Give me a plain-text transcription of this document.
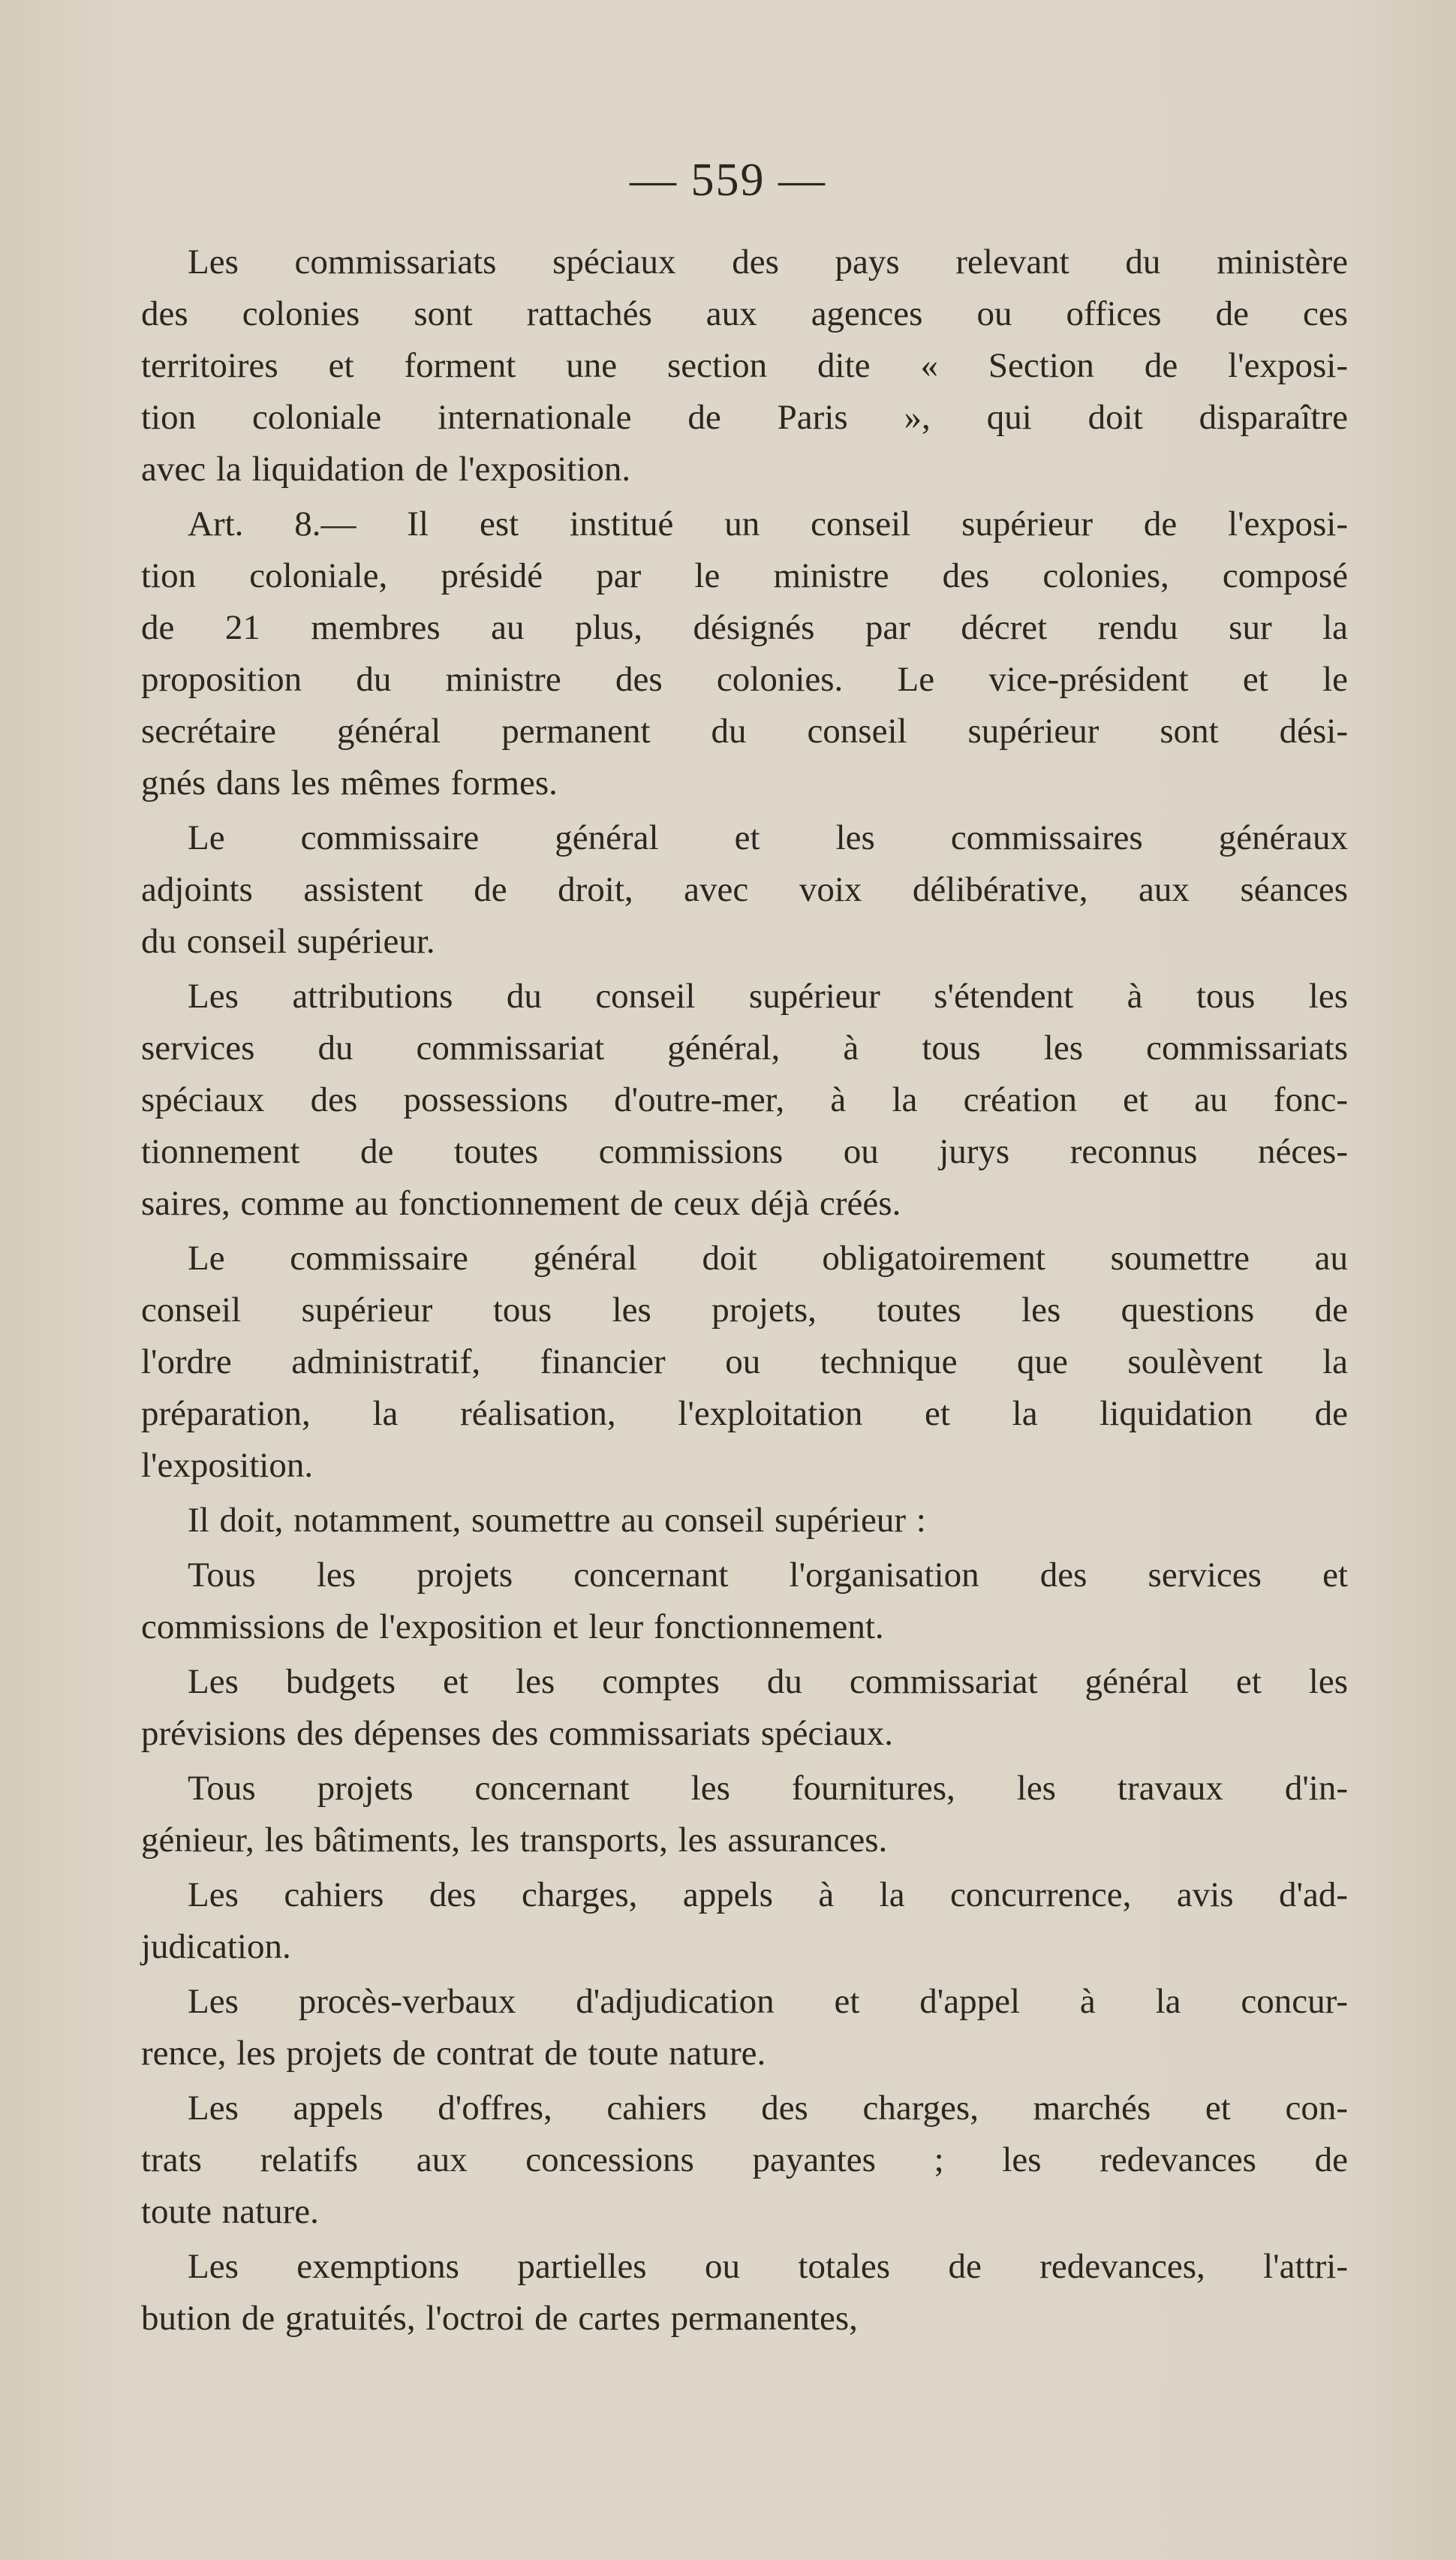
— 559 —

Les commissariats spéciaux des pays relevant du ministère
des colonies sont rattachés aux agences ou offices de ces
territoires et forment une section dite « Section de l'exposi-
tion coloniale internationale de Paris », qui doit disparaître
avec la liquidation de l'exposition.

Art. 8.— Il est institué un conseil supérieur de l'exposi-
tion coloniale, présidé par le ministre des colonies, composé
de 21 membres au plus, désignés par décret rendu sur la
proposition du ministre des colonies. Le vice-président et le
secrétaire général permanent du conseil supérieur sont dési-
gnés dans les mêmes formes.

Le commissaire général et les commissaires généraux
adjoints assistent de droit, avec voix délibérative, aux séances
du conseil supérieur.

Les attributions du conseil supérieur s'étendent à tous les
services du commissariat général, à tous les commissariats
spéciaux des possessions d'outre-mer, à la création et au fonc-
tionnement de toutes commissions ou jurys reconnus néces-
saires, comme au fonctionnement de ceux déjà créés.

Le commissaire général doit obligatoirement soumettre au
conseil supérieur tous les projets, toutes les questions de
l'ordre administratif, financier ou technique que soulèvent la
préparation, la réalisation, l'exploitation et la liquidation de
l'exposition.

Il doit, notamment, soumettre au conseil supérieur :

Tous les projets concernant l'organisation des services et
commissions de l'exposition et leur fonctionnement.

Les budgets et les comptes du commissariat général et les
prévisions des dépenses des commissariats spéciaux.

Tous projets concernant les fournitures, les travaux d'in-
génieur, les bâtiments, les transports, les assurances.

Les cahiers des charges, appels à la concurrence, avis d'ad-
judication.

Les procès-verbaux d'adjudication et d'appel à la concur-
rence, les projets de contrat de toute nature.

Les appels d'offres, cahiers des charges, marchés et con-
trats relatifs aux concessions payantes ; les redevances de
toute nature.

Les exemptions partielles ou totales de redevances, l'attri-
bution de gratuités, l'octroi de cartes permanentes,
